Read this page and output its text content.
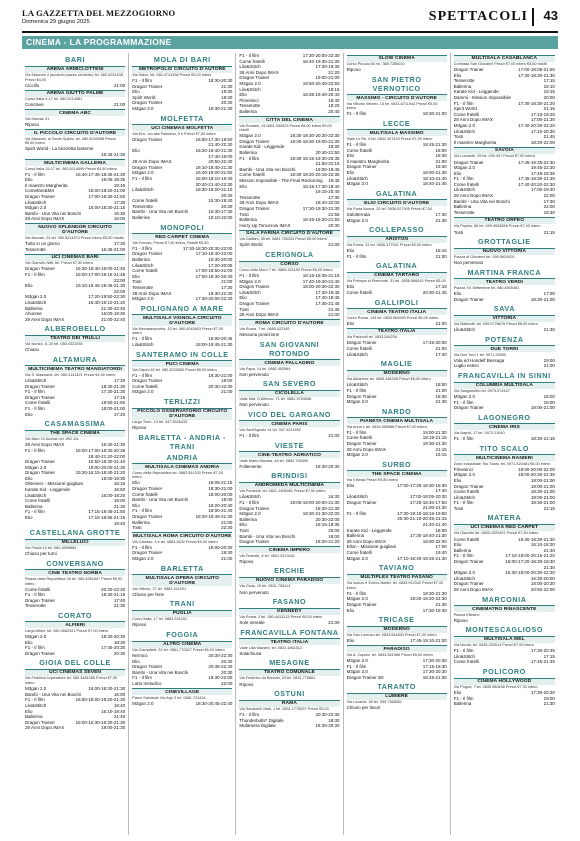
LA GAZZETTA DEL MEZZOGIORNO
Domenica 29 giugno 2025	SPETTACOLI	43
CINEMA - LA PROGRAMMAZIONE
BARI
ARENA ARMICI.OTTENI
Via Manzoni 4 (accanto piazza Umberto) tel. 080.5231438 Prezzi €4,00
Ciccillo	21:00
ARENA GIUTTO PALME
Corso Italia 4-17 tel. 080.5214581
Conclave	21:00
CINEMA ABC
Via Marcas 41
Riposo
IL PICCOLO CIRCUITO D'AUTORE
Via Manzoni, al Santo Spirito, tel. 080.5233398 Prezzi €5,50 intero
Spirit World - La bicicletta lanterne
16:45-21:30
MULTICINEMA GALLERIA
Corso Italia 15-17 tel. 080.5214599 Prezzi €4,50 intero
F1 - Il film	16:40-17:45-18:45-21:30
Elio	16:05-18:35
Il maestro Margherita	19:45
Comefare&M4	16:00-18:20-21:00
Dragon Trainer	17:00-19:30-21:50
Lilo&Stitch	17:30
M3gan 2.0	16:00-18:30-21:15
Bambi - Una Vita nei Boschi	16:30
28 Anni Dopo IMAX	16:00
NUOVO SPLENDOR CIRCUITO D'AUTORE
Via Buccari, 24 tel. 080.5214570 Prezzi intero €5,50 ridotto
Tutto in un giorno	17:30
Tesserotte	16:45-21:00
UCI CINEMAS BARI
Via Gianvito Nitti, tel. Prezzi €7,50 intero
Dragon Trainer	16:30-18:40-19:00-21:40
F1 - Il film	16:00-17:00-19:15-21:45
23:00
Elio	16:10-18:45-19:45-21:30
22:00
M3gan 2.0	17:20-19:50-22:30
Lilo&Stitch	16:40-19:10-21:40
Ballerina	21:30-22:40
Ahunme	16:00-18:30
28 Anni Dopo IMAX	21:00-22:40
ALBEROBELLO
TEATRO DEI TRULLI
Via Isonzo, 8, 20 tel. 080.4321935
Chiuso
ALTAMURA
MULTICINEMA TEATRO MANGIATORDI
Via S. Masciardi, tel. 080.3141421 Prezzi €4,50 intero
Lilo&Stitch	17:20
Dragon Trainer	18:30-21:30
F1 - Il film	17:30-21:30
Dragon Trainer	17:15
Come fratelli	19:50-21:50
F1 - Il film	18:00-21:00
Elio	17:20
CASAMASSIMA
THE SPACE CINEMA
Via Baro 19 Auchan tel. 892.111
28 Anni Dopo IMAX	16:40-21:30
F1 - Il film	15:00-17:00-18:30-20:35
18:40-21:20-22:00
Dragon Trainer	15:50-18:30-21:40
M3gan 2.0	18:00-20:00-21:30
Dragon Trainer	15:20-16:15-18:40-21:20
Elio	15:00-19:30
Oltrevero - Missione guigliani	18:15
Karate Kid - Leggende	16:50
Lilo&Stitch	16:00-18:20
Come fratelli	19:00
Ballerina	21:30
F1 - Il film	17:15-19:45-21:50
Elio	17:15-18:55-21:15
19:40
CASTELLANA GROTTE
MILLELUCI
Via Flavia 10 tel. 080.4959884
Chiuso per turni
CONVERSANO
CINE TEATRO NORBA
Piazza della Repubblica 26 tel. 080.4951847 Prezzi €5,50 intero
Come fratelli	20:30-22:30
F1 - Il film	18:30-21:15
Dragon Trainer	17:40
Tesserotte	21:30
CORATO
ALFIERI
Largo Alfieri, tel. 080.3582321 Prezzi €7,00 intero
M3gan 2.0	18:30-20:30
Elio	18:30
F1 - Il film	17:45-20:30
Dragon Trainer	20:30
GIOIA DEL COLLE
UCI CINEMAS SEVEN
Via Federico Imperatore tel. 080.3481055 Prezzi €7,50 intero
M3gan 2.0	16:00-18:30-21:30
Bambi - Una Vita nei Boschi	16:00
F1 - Il film	16:50-18:00-19:20-21:30
Lilo&Stitch	16:40
Elio	16:10-19:40
Ballerina	21:40
Dragon Trainer	16:00-16:30-18:30-21:30
28 Anni Dopo IMAX	19:00-21:30
MOLA DI BARI
METROPOLIS CIRCUITO D'AUTORE
Via Salvo, tel. 080.4741938 Prezzi €5,00 intero
F1 - Il film	18:30-20:30
Dragon Trainer	21:30
Elio	19:30
Spirit World	19:30
Dragon Trainer	20:30
M3gan 2.0	19:30-21:30
MOLFETTA
UCI CINEMAS MOLFETTA
Via Eno. Ivo alla Palmeria, 5 e Prezzi €7,50 intero
Dragon Trainer	16:50-17:30-19:50
21:40-22:30
Elio	16:20-18:40-21:30
17:40-19:00
28 Anni Dopo IMAX	20:50-22:40
Dragon Trainer	16:10-18:40-21:30
M3gan 2.0	16:40-19:00-21:50
F1 - Il film	16:00-19:10-19:40
20:40-21:40-22:30
Lilo&Stitch	16:30-18:20-21:10
20:30
Come fratelli	15:30-19:40
Tesserotte	20:30
Bambi - Una Vita nei Boschi	16:30-17:30
Ballerina	19:10-22:00
MONOPOLI
RED CARPET CINEMA
Via Fornaci, Prezzi €7,50 intero, Ridotti €5,50
F1 - Il film	17:30-18:30-20:30-22:00
Dragon Trainer	17:10-19:40-22:00
Ballerina	19:30-20:00
Lilo&Stitch	17:20-20:05
Come fratelli	17:00-18:50-21:00
Elio	17:00-18:30-20:40
Tosti	21:00
Tesserotte	17:30
28 Anni Dopo IMAX	19:30-22:30
M3gan 2.0	17:30-20:00-22:30
POLIGNANO A MARE
MULTISALA VIGNOLA CIRCUITO D'AUTORE
Via Mercatavecchia, 10 tel. 080.4240603 Prezzi €7,00 intero
F1 - Il film	18:00-20:45
Lilo&Stitch	18:00-19:45-21:30
SANTERAMO IN COLLE
PUCI CINEMA
Via Ospini 40 tel. 080.3023953 Prezzi €6,00 intero
F1 - Il film	18:30-21:00
Dragon Trainer	19:00
Come fratelli	20:30-22:30
M3gan 2.0	21:00
TERLIZZI
PICCOLO OSSERVATORIO CIRCUITO D'AUTORE
Largo Torre, 13 tel. 347.5526433
Riposo
BARLETTA - ANDRIA - TRANI
ANDRIA
MULTISALA CINEMAS ANDRIA
Corso della Repubblica tel. 0883.591203 Prezzi €7,00 intero
Elio	18:05-21:15
Dragon Trainer	18:30-21:00
Come fratelli	18:00-20:00
Bambi - Una Vita nei Boschi	18:00
Elio	18:20-20:40
F1 - Il film	19:00-21:40
Dragon Trainer	18:30-19:45-21:30
Ballerina	21:00
Tosti	22:30
MULTISALA ROMA CIRCUITO D'AUTORE
Via Calasso, 4 e tel. 0883.5432 Prezzi €6,00 intero
F1 - Il film	18:00-20:30
Dragon Trainer	19:30
M3gan 2.0	21:00
BARLETTA
MULTISALA OPERA CIRCUITO D'AUTORE
Via Vittorio, 27 tel. 0883.331091
Chiuso per ferie
TRANI
PUGLIA
Corso Italia, 17 tel. 0883.331091
Riposo
FOGGIA
ALTRO CINEMA
Via Ciampitelli, 22 tel. 0881.770627 Prezzi €6,00 intero
Nemico	20:30-22:30
Elio	20:30
Dragon Trainer	20:45-22:40
Bambi - Una Vita nei Boschi	20:30
F1 - Il film	19:30-22:00
Lutto melodico	22:00
CINEVILLAGE
Parco Salnitrale Via Arpi 2 tel. 0881.724424
M3gan 2.0	18:30-20:45-22:40
F1 - Il film	17:30-20:00-22:30
Come fratelli	18:40-19:30-21:30
Lilo&Stitch	17:30-19:30
28 Anni Dopo IMAX	21:20
Dragon Trainer	19:00-21:00
M3gan 2.0	18:50-20:40-22:50
Lilo&Stitch	18:15
Elio	18:35-19:40-20:40
Pimesinci	18:40
Tesserotte	18:20
Ballerina	20:40
CITTA DEL CINEMA
Via Romani, 13 0881.530923 Prezzi €8,00 intero €5,00 ridotti
M3gan 2.0	18:30-19:30-20:20-22:30
Dragon Trainer	18:30-18:30-19:00-21:30
Karate Kid - Leggende	18:30
Ballerina	20:40-21:50
F1 - Il film	18:30-19:15-19:30-20:35
21:50-22:15
Bambi - Una Vita nei Boschi	18:00-19:45
Come fratelli	18:30-19:20-20:15-22:35
Mission Impossible - The Final Reckoning 19:45
Elio	18:15-17:30-18:40
19:15-20:40
Tesserotte	17:30
28 Anni Dopo IMAX	18:40-22:00
Dragon Trainer	17:30-19:30-21:30
Tosti	21:55
Ballerina	18:45-19:20-21:50
Hurry Up Tomorrow IMAX	20:30
SALA FARINA CIRCUITO D'AUTORE
Via Galliani, 55 tel. 0881.755334 Prezzi €6,00 intero
Spirit World	21:00
CERIGNOLA
CORSO
Corso Aldo Moro 7 tel. 0885.421150 Prezzi €8,00 intero
F1 - Il film	18:15-19:35-21:15
M3gan 2.0	17:40-19:40-21:40
Dragon Trainer	18:00-20:30-22:30
Lilo&Stitch	17:30-19:45
Elio	17:40-19:45
Dragon Trainer	17:45-21:45
Tosti	21:45
28 Anni Dopo IMAX	21:00
ROMA CIRCUITO D'AUTORE
Via Roma, 7 tel. 0885.422345
Nessuna proiezione
SAN GIOVANNI ROTONDO
CINEMA PALLADINO
Via Papa, 14 tel. 0882.452964
Non pervenuto
SAN SEVERO
CICOLELLA
Viale Mat. D'Alfonso, 71 tel. 0882.3754948
Non pervenuto
VICO DEL GARGANO
CINEMA PARIS
Via Sant'Agosto 14 tel. 347.4241892
F1 - Il film	21:00
VIESTE
CINE-TEATRO ADRIATICO
Viale Mario Marotta, 46 tel. 0884.708345
Follemente	18:30-20:30
BRINDISI
ANDROMEDA MULTICINEMA
Via Ponteiuli, tel. 0831.1498481 Prezzi €7,50 intero
Lilo&Stitch	16:30
F1 - Il film	18:00-19:00-20:00-21:30
Dragon Trainer	18:30-21:30
M3gan 2.0	18:30-21:30-22:00
Ballerina	20:30-22:00
Elio	18:15-18:35
Tosti	20:00
Bambi - Una Vita nei Boschi	18:00
Dragon Trainer	18:20-21:20
CINEMA IMPERO
Via Tenente, 8 tel. 0831.5213441
Riposo
ERCHIE
NUOVO CINEMA PARADISO
Via Gioia, 15 tel. 0831.759414
Non pervenuto
FASANO
KENNEDY
Via Roma, 2 tel. 080.4413213 Prezzi €6,00 intero
Sole nereale	21:00
FRANCAVILLA FONTANA
TEATRO ITALIA
Viale Lilla Mazzini, tel. 0831.1861512
Solachiusa
MESAGNE
TEATRO COMUNALE
Via Federico da Brescia, 20 tel. 0831.776861
Riposo
OSTUNI
RAMA
Via Santarelli Vitali, 1 tel. 0831.1775097 Prezzi €5,00
F1 - Il film	20:30-22:30
Thunderbolts* Digitale	18:30
Mufamera Digitale	18:30-20:30
SLOW CINEMA
Corso Piccolo 60 tel. 388.7256010
Riposo
SAN PIETRO VERNOTICO
MASSIMO - CIRCUITO D'AUTORE
Via Vittorio Veneto, 15 tel. 0831.6711044 Prezzi €5,00 intero
F1 - Il film	18:30-21:00
LECCE
MULTISALA MASSIMO
Viale Lo Re, 5 tel. 0832.307433 Prezzi €7,00 intero
F1 - Il film	18:45-21:30
Come fratelli	18:00
Elio	18:30
Il maestro Margherita	21:00
Dragon Trainer	18:30
Elio	19:00-21:30
Lilo&Stitch	18:10-21:40
M3gan 2.0	18:40-21:45
GALATINA
ELIO CIRCUITO D'AUTORE
Via Porta Nuova, 32 tel. 0836.527905 Prezzi €7,00
Salotterrata	17:30
M3gan 2.0	21:30
COLLEPASSO
ARISTON
Via Roma, 31 tel. 0836.377541 Prezzi €5,00 intero
Elio	18:15
F1 - Il film	21:00
GALATINA
CINEMA TARTARO
Via Principe di Piemonte, 31 tel. 0836.566819 Prezzi €5,00
Elio	17:15
Come fratelli	20:30-21:45
GALLIPOLI
CINEMA TEATRO ITALIA
Corso Roma, 144 tel. 0833.560659 Prezzi €6,00 intero
Elio	21:00
TEATRO ITALIA
Via Pacinotti tel. 0833.264234
Dragon Trainer	17:45-20:00
Come fratelli	21:00
Lilo&Stitch	17:40
MAGLIE
MODERNO
Via Albanese tel. 0836.484208 Prezzi €6,00 intero
Lilo&Stitch	18:00
F1 - Il film	21:00
Dragon Trainer	18:30
M3gan 2.0	21:30
NARDO
PIANETA CINEMA MULTISALA
Via Anna 1 tel. 0833.365588 Prezzi €7,00 intero
F1 - Il film	19:00-21:30
Come fratelli	19:15-21:15
Dragon Trainer	19:30-21:30
28 Anni Dopo IMAX	21:15
M3gan 2.0	19:15
SURBO
THE SPACE CINEMA
Via Il Bessi Prezzi €9,80 intero
Elio	17:00-17:25-18:30-19:30
17:40
Lilo&Stitch	17:00-18:05-20:30
Dragon Trainer	17:25-18:40-17:50
21:00-21:30
F1 - Il film	17:30-19:15-18:15-19:50
20:30-21:10-20:45-21:15
21:40-21:40
Karate Kid - Leggende	18:00
Ballerina	17:30-18:40-21:30
28 Anni Dopo IMAX	18:00-22:00
Ellon - Missione guigliani	17:00
Come fratelli	19:40
M3gan 2.0	17:10-18:40-19:45-21:30
TAVIANO
MULTIPLEX TEATRO FASANO
Via Isonzo e Enrico Mattei, tel. 0833.912342 Prezzi €7,00 intero
F1 - Il film	19:30-21:30
M3gan 2.0	18:20-19:20-22:30
Dragon Trainer	21:30
Elio	17:30-19:30
TRICASE
MODERNO
Via San Lorenzo tel. 0833.544603 Prezzi €7,00 intero
Elio	17:45-19:10-21:00
PARADISO
Via A. Caputo, tel. 0833.541586 Prezzi €5,00 intero
M3gan 2.0	17:30-20:30
F1 - Il film	17:15-18:30
M3gan 2.0	17:30-20:30
Dragon Trainer 3D	18:15-21:30
TARANTO
LUMIERE
Via Lucania, 28 tel. 099.7366551
Chiuso per lavori
MULTISALA CASABLANCA
Contrada San Giovanni Prezzi €7,00 intero €5,00 ridotti
Dragon Trainer	17:00-18:05-21:50
Elio	17:30-18:30-21:30
Tesserotte	17:15
Ballerina	18:10
Karate Kid - Leggende	19:15
Dammi - Mission Impossibile	20:00
F1 - Il film	17:30-18:30-21:20
Spirit World	21:15
Come fratelli	17:10-19:25
28 Anni Dopo IMAX	17:00-21:30
M3gan 2.0	17:40-20:30-22:20
Lilo&Stitch	17:10-20:30
Tosti	21:45
Il maestro Margherita	18:20-22:00
SAVOIA
Via Lomante, 25 tel. 099.457 Prezzi €7,00 intero
Dragon Trainer	17:45-19:35-22:30
M3gan 2.0	19:45-22:30
Elio	17:45-19:35
F1 - Il film	17:45-19:30-21:30
Come fratelli	17:40-20:20-22:30
Lilo&Stitch	17:00-19:40
28 Anni Dopo IMAX	22:00
Bambi - Una Vita nei Boschi	17:30
Ballerina	22:00
Tesserotte	19:30
TEATRO ORFEO
Via Pupino, 68 tel. 099.4533858 Prezzi €7,00 intero
Tosti	21:15
GROTTAGLIE
NUOVO VITTORIA
Piazza di Giovanni tel. 099.5624901
Non pervenuto
MARTINA FRANCA
TEATRO VERDI
Piazza XX Settembre tel. 080.4805381
Elio	17:00
Dragon Trainer	18:30-21:00
SAVA
VITTORIA
Via Matteotti, tel. 099.9726676 Prezzi €6,00 intero
Lilo&Stitch	21:30
POTENZA
DUE TORRI
Via Due Torri 1 tel. 0971.25950
Vola ed Hondelf Bessaga	19:00
Luglio estivo	21:00
FRANCAVILLA IN SINNI
COLUMBIA MULTISALA
Via Sanguinetto tel. 0973.574447
M3gan 2.0	18:00
F1 - Il film	18:00
Dragon Trainer	18:00-21:00
LAGONEGRO
CINEMA IRIS
Via Napoli, 27 tel. 0973.21040
F1 - Il film	18:30-21:15
TITO SCALO
MULTICINEMA RANIERI
Zona Industriale Tito Scalo, tel. 0971.520481 €6,00 intero
Pimesinci	18:00-20:00-22:00
M3gan 2.0	18:00-20:30-22:30
Elio	18:00-21:00
Dragon Trainer	18:00-21:00
Come fratelli	18:30-21:00
Lilo&Stitch	18:00-21:00
F1 - Il film	18:30-21:00
Tosti	22:15
MATERA
UCI CINEMAS RED CARPET
Via Giacinto tel. 0835.1920401 Prezzi €7,50 intero
Come fratelli	16:30-18:30-21:30
Elio	16:10-18:20
Ballerina	21:40
F1 - Il film	17:10-18:00-20:15-21:20
Dragon Trainer	16:00-17:20-18:30-18:30
21:30
M3gan 2.0	16:30-18:00-20:30-22:30
Lilo&Stitch	16:30-20:00
Dragon Trainer	18:00-20:30
28 Anni Dopo IMAX	20:50-22:00
MARCONIA
CINEMATRO RINASCENTE
Piazza Ellesino
Riposo
MONTESCAGLIOSO
MULTISALA MEL
Via Nicola, tel. 0835.200514 Prezzi €7,00 intero
F1 - Il film	17:30-20:45
Lilo&Stitch	17:15
Come fratelli	17:45-21:45
POLICORO
CINEMA HOLLYWOOD
Via Pugna, 7 tel. 0835.980438 Prezzi €7,00 intero
Elio	17:30-20:30
F1 - Il film	19:00
Ballerina	21:30
